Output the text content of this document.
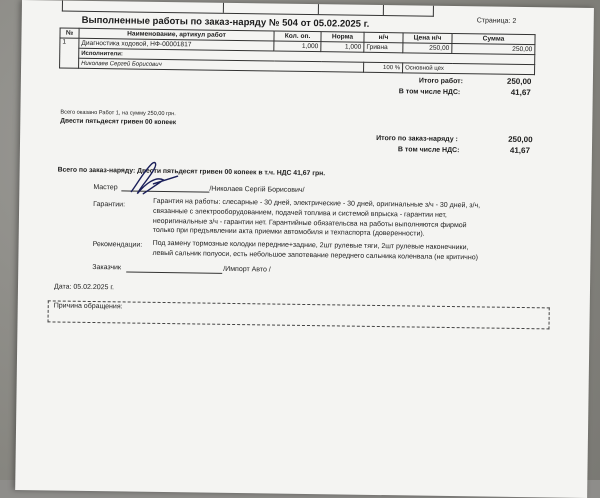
Выполненные работы по заказ-наряду № 504 от 05.02.2025 г.	Страница: 2
№	Наименование, артикул работ	Кол. оп.	Норма	н/ч	Цена н/ч	Сумма
1	Диагностика ходовой, НФ-00001817	1,000	1,000	Гривна	250,00	250,00
	Исполнители:					
	Николаев Сергей Борисович			100 %	Основной цех	
Итого работ:	250,00
В том числе НДС:	41,67
Всего оказано Работ 1, на сумму 250,00 грн.
Двести пятьдесят гривен 00 копеек
Итого по заказ-наряду :	250,00
В том числе НДС:	41,67
Всего по заказ-наряду: Двести пятьдесят гривен 00 копеек в т.ч. НДС 41,67 грн.
Мастер	/Николаев Сергій Борисович/
Гарантии:	Гарантия на работы: слесарные - 30 дней, электрические - 30 дней, оригинальные з/ч - 30 дней, з/ч,
связанные с электрооборудованием, подачей топлива и системой впрыска - гарантии нет,
неоригинальные з/ч - гарантии нет. Гарантийные обязательсва на работы выполняются фирмой
только при предъявлении акта приемки автомобиля и техпаспорта (доверенности).
Рекомендации: Под замену тормозные колодки передние+задние, 2шт рулевые тяги, 2шт рулевые наконечники,
левый сальник полуоси, есть небольшое запотевание переднего сальника коленвала (не критично)
Заказчик	/Импорт Авто /
Дата: 05.02.2025 г.
Причина обращения:
